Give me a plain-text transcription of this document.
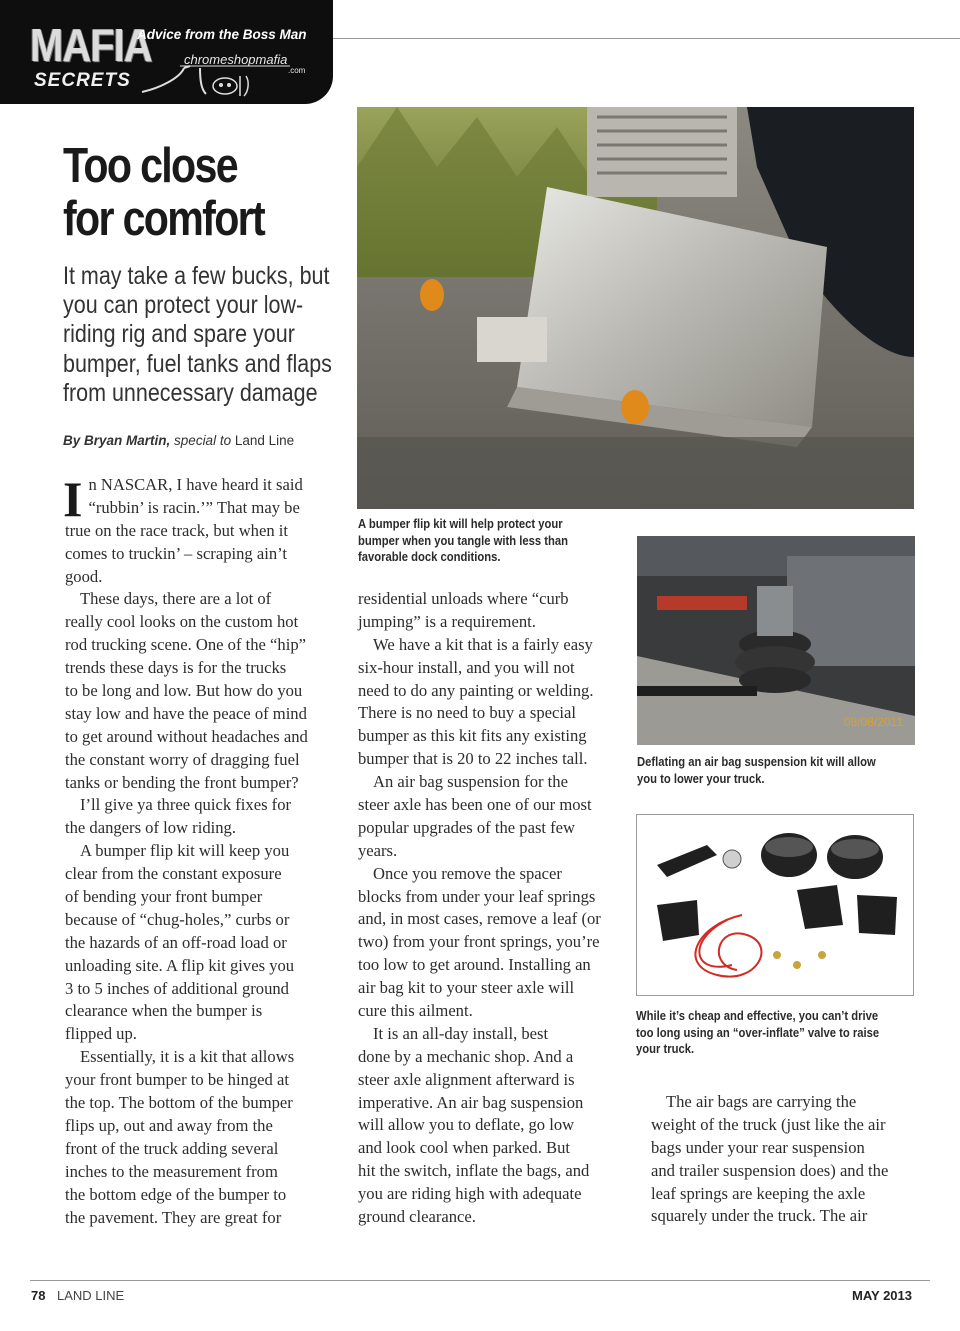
MAFIA
SECRETS
Advice from the Boss Man
chromeshopmafia
.com
Too close
for comfort
It may take a few bucks, but
you can protect your low-
riding rig and spare your
bumper, fuel tanks and flaps
from unnecessary damage
By Bryan Martin, special to Land Line
I n NASCAR, I have heard it said
“rubbin’ is racin.’” That may be
true on the race track, but when it
comes to truckin’ – scraping ain’t
good.
These days, there are a lot of
really cool looks on the custom hot
rod trucking scene. One of the “hip”
trends these days is for the trucks
to be long and low. But how do you
stay low and have the peace of mind
to get around without headaches and
the constant worry of dragging fuel
tanks or bending the front bumper?
I’ll give ya three quick fixes for
the dangers of low riding.
A bumper flip kit will keep you
clear from the constant exposure
of bending your front bumper
because of “chug-holes,” curbs or
the hazards of an off-road load or
unloading site. A flip kit gives you
3 to 5 inches of additional ground
clearance when the bumper is
flipped up.
Essentially, it is a kit that allows
your front bumper to be hinged at
the top. The bottom of the bumper
flips up, out and away from the
front of the truck adding several
inches to the measurement from
the bottom edge of the bumper to
the pavement. They are great for
residential unloads where “curb
jumping” is a requirement.
We have a kit that is a fairly easy
six-hour install, and you will not
need to do any painting or welding.
There is no need to buy a special
bumper as this kit fits any existing
bumper that is 20 to 22 inches tall.
An air bag suspension for the
steer axle has been one of our most
popular upgrades of the past few
years.
Once you remove the spacer
blocks from under your leaf springs
and, in most cases, remove a leaf (or
two) from your front springs, you’re
too low to get around. Installing an
air bag kit to your steer axle will
cure this ailment.
It is an all-day install, best
done by a mechanic shop. And a
steer axle alignment afterward is
imperative. An air bag suspension
will allow you to deflate, go low
and look cool when parked. But
hit the switch, inflate the bags, and
you are riding high with adequate
ground clearance.
The air bags are carrying the
weight of the truck (just like the air
bags under your rear suspension
and trailer suspension does) and the
leaf springs are keeping the axle
squarely under the truck. The air
A bumper flip kit will help protect your
bumper when you tangle with less than
favorable dock conditions.
08/08/2011
Deflating an air bag suspension kit will allow
you to lower your truck.
While it’s cheap and effective, you can’t drive
too long using an “over-inflate” valve to raise
your truck.
78 LAND LINE	MAY 2013
